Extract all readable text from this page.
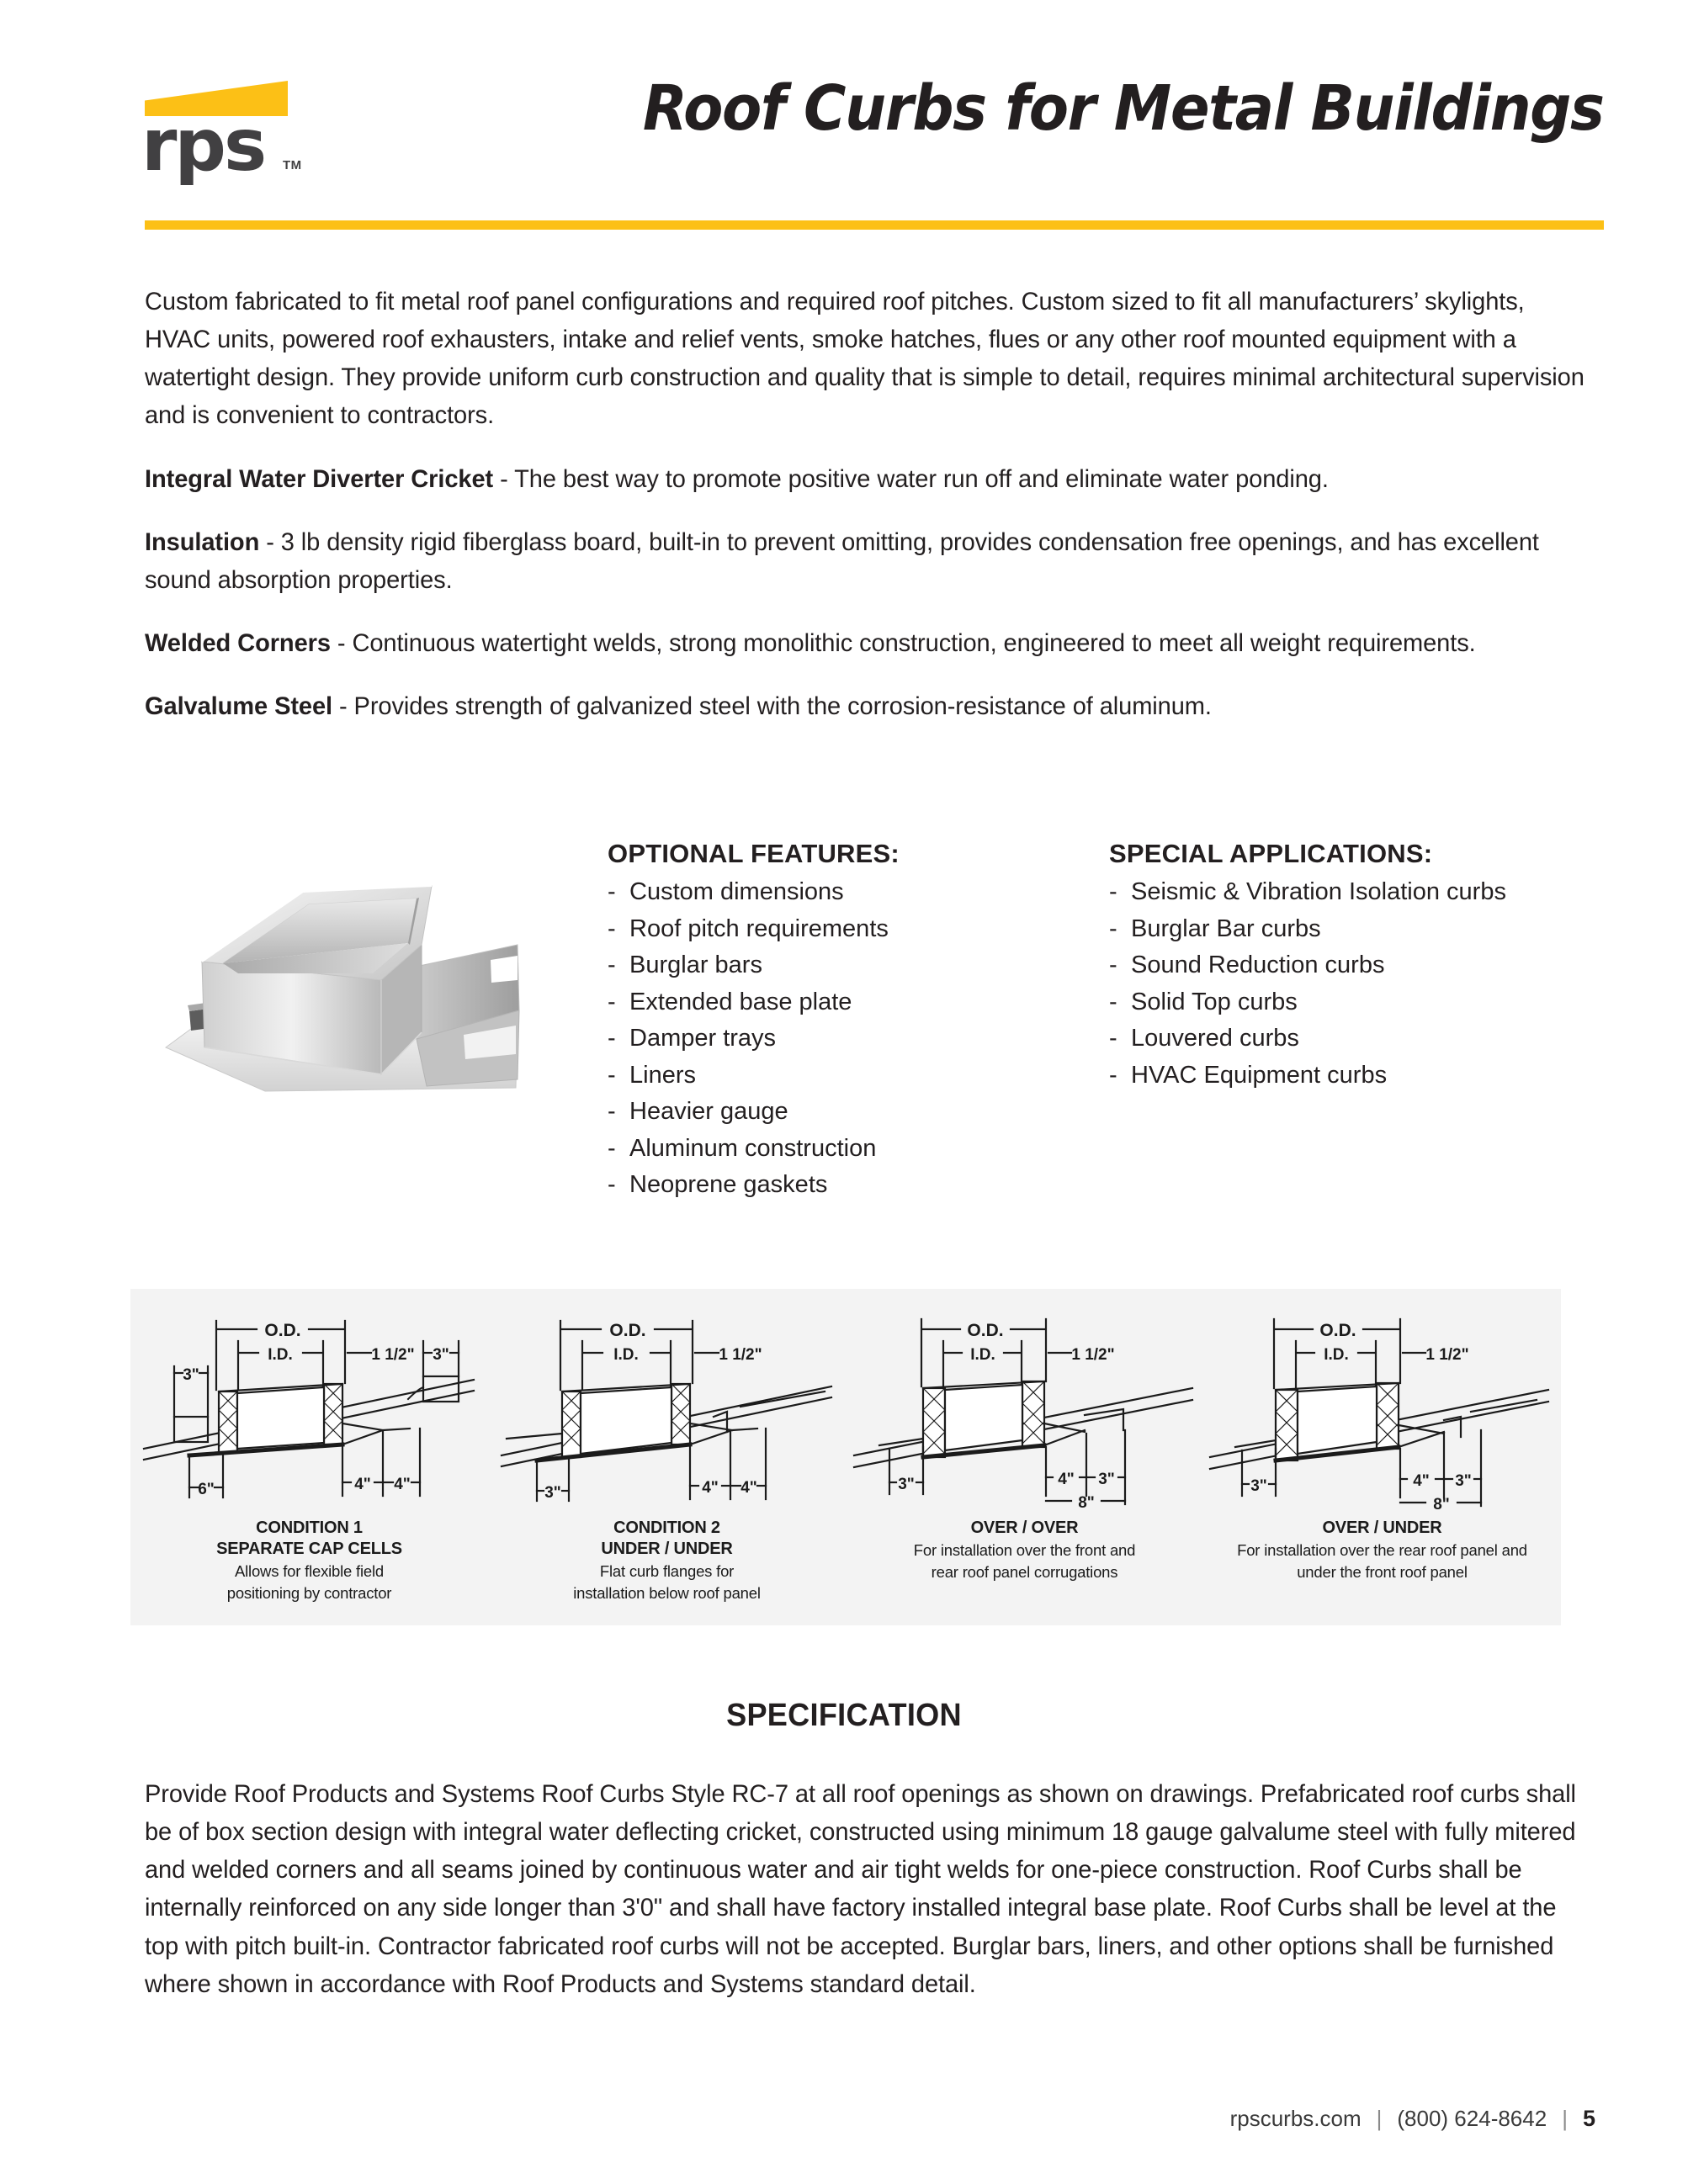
rps TM
Roof Curbs for Metal Buildings

Custom fabricated to fit metal roof panel configurations and required roof pitches. Custom sized to fit all manufacturers’ skylights, HVAC units, powered roof exhausters, intake and relief vents, smoke hatches, flues or any other roof mounted equipment with a watertight design. They provide uniform curb construction and quality that is simple to detail, requires minimal architectural supervision and is convenient to contractors.

Integral Water Diverter Cricket - The best way to promote positive water run off and eliminate water ponding.

Insulation - 3 lb density rigid fiberglass board, built-in to prevent omitting, provides condensation free openings, and has excellent sound absorption properties.

Welded Corners - Continuous watertight welds, strong monolithic construction, engineered to meet all weight requirements.

Galvalume Steel - Provides strength of galvanized steel with the corrosion-resistance of aluminum.

OPTIONAL FEATURES:
- Custom dimensions
- Roof pitch requirements
- Burglar bars
- Extended base plate
- Damper trays
- Liners
- Heavier gauge
- Aluminum construction
- Neoprene gaskets
SPECIAL APPLICATIONS:
- Seismic & Vibration Isolation curbs
- Burglar Bar curbs
- Sound Reduction curbs
- Solid Top curbs
- Louvered curbs
- HVAC Equipment curbs
O.D.
I.D.	1 1/2"
3"
3"
6"	4" 4"
CONDITION 1
SEPARATE CAP CELLS
Allows for flexible field
positioning by contractor
O.D.
I.D.	1 1/2"
3"	4" 4"
CONDITION 2
UNDER / UNDER
Flat curb flanges for
installation below roof panel
O.D.
I.D.	1 1/2"
3"	4" 3"
8"
OVER / OVER
For installation over the front and
rear roof panel corrugations
O.D.
I.D.	1 1/2"
3"	4" 3"
8"
OVER / UNDER
For installation over the rear roof panel and
under the front roof panel
SPECIFICATION

Provide Roof Products and Systems Roof Curbs Style RC-7 at all roof openings as shown on drawings. Prefabricated roof curbs shall be of box section design with integral water deflecting cricket, constructed using minimum 18 gauge galvalume steel with fully mitered and welded corners and all seams joined by continuous water and air tight welds for one-piece construction. Roof Curbs shall be internally reinforced on any side longer than 3'0" and shall have factory installed integral base plate. Roof Curbs shall be level at the top with pitch built-in. Contractor fabricated roof curbs will not be accepted. Burglar bars, liners, and other options shall be furnished where shown in accordance with Roof Products and Systems standard detail.

rpscurbs.com | (800) 624-8642 | 5
